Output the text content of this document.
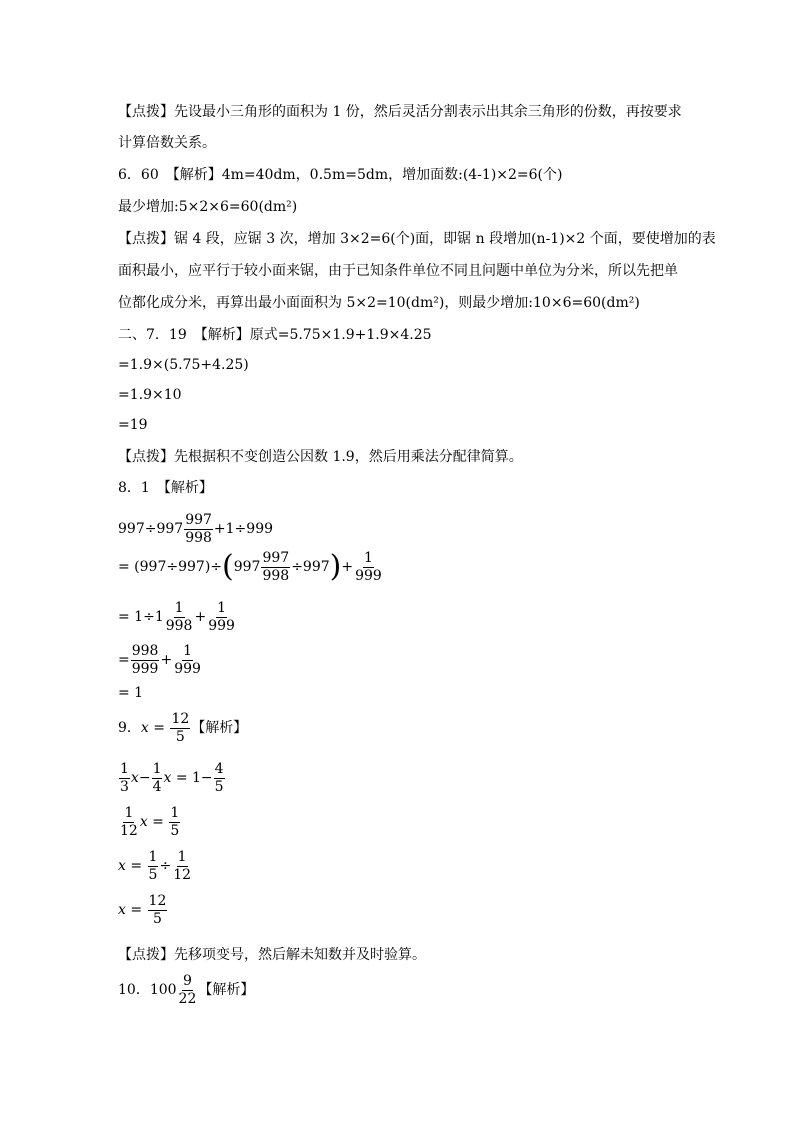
【点拨】先设最小三角形的面积为 1 份，然后灵活分割表示出其余三角形的份数，再按要求
计算倍数关系。
6．60　【解析】4m=40dm，0.5m=5dm，增加面数:(4-1)×2=6(个)
最少增加:5×2×6=60(dm²)
【点拨】锯 4 段，应锯 3 次，增加 3×2=6(个)面，即锯 n 段增加(n-1)×2 个面，要使增加的表
面积最小，应平行于较小面来锯，由于已知条件单位不同且问题中单位为分米，所以先把单
位都化成分米，再算出最小面面积为 5×2=10(dm²)，则最少增加:10×6=60(dm²)
二、7．19　【解析】原式=5.75×1.9+1.9×4.25
=1.9×(5.75+4.25)
=1.9×10
=19
【点拨】先根据积不变创造公因数 1.9，然后用乘法分配律简算。
8．1　【解析】
$997\div 997 \frac{997}{998} +1\div 999$
= $(997\div 997)\div(997 \frac{997}{998} \div 997)+ \frac{1}{999}$
= $1\div 1 \frac{1}{998} + \frac{1}{999}$
= $\frac{998}{999} + \frac{1}{999}$
= 1
9．$x = \frac{12}{5}$ 【解析】
$\frac{1}{3} x- \frac{1}{4}$ $x = 1- \frac{4}{5}$
$\frac{1}{12}$ $x = \frac{1}{5}$
$x = \frac{1}{5} \div \frac{1}{12}$
$x = \frac{12}{5}$
【点拨】先移项变号，然后解未知数并及时验算。
10．$100 \frac{9}{22}$ 【解析】
